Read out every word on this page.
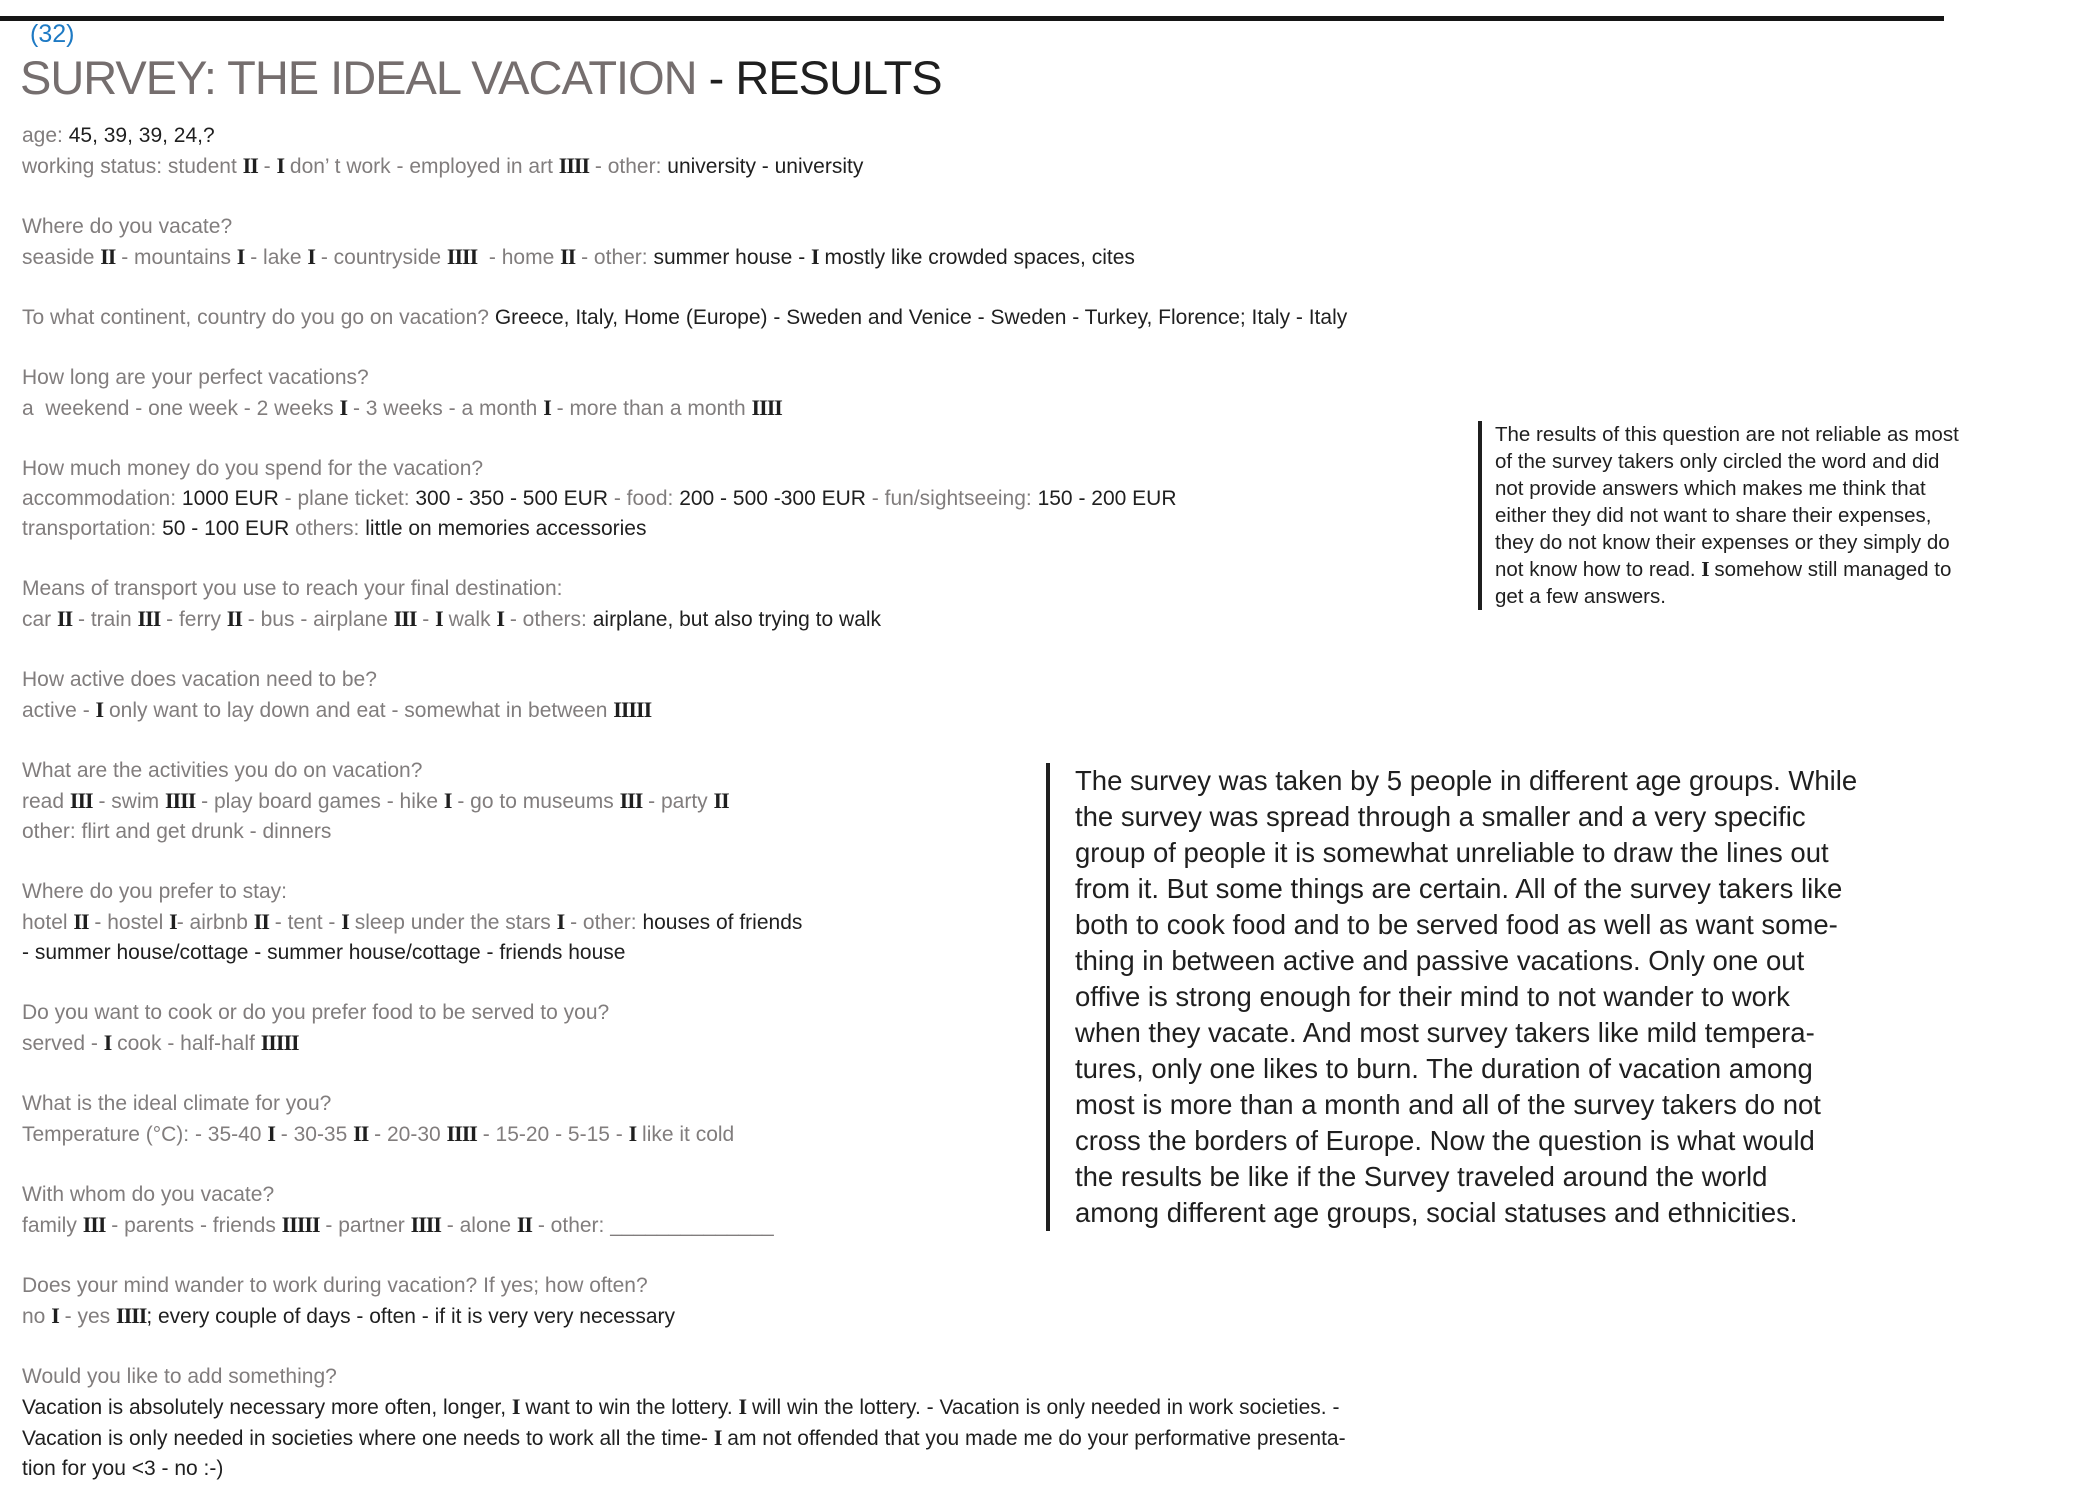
(32)
SURVEY: THE IDEAL VACATION - RESULTS
age: 45, 39, 39, 24,?
working status: student II - I don’ t work - employed in art IIII - other: university - university
Where do you vacate?
seaside II - mountains I - lake I - countryside IIII  - home II - other: summer house - I mostly like crowded spaces, cites
To what continent, country do you go on vacation? Greece, Italy, Home (Europe) - Sweden and Venice - Sweden - Turkey, Florence; Italy - Italy
How long are your perfect vacations?
a  weekend - one week - 2 weeks I - 3 weeks - a month I - more than a month IIII
How much money do you spend for the vacation?
accommodation: 1000 EUR - plane ticket: 300 - 350 - 500 EUR - food: 200 - 500 -300 EUR - fun/sightseeing: 150 - 200 EUR
transportation: 50 - 100 EUR others: little on memories accessories
Means of transport you use to reach your final destination:
car II - train III - ferry II - bus - airplane III - I walk I - others: airplane, but also trying to walk
How active does vacation need to be?
active - I only want to lay down and eat - somewhat in between IIIII
What are the activities you do on vacation?
read III - swim IIII - play board games - hike I - go to museums III - party II
other: flirt and get drunk - dinners
Where do you prefer to stay:
hotel II - hostel I- airbnb II - tent - I sleep under the stars I - other: houses of friends
- summer house/cottage - summer house/cottage - friends house
Do you want to cook or do you prefer food to be served to you?
served - I cook - half-half IIIII
What is the ideal climate for you?
Temperature (°C): - 35-40 I - 30-35 II - 20-30 IIII - 15-20 - 5-15 - I like it cold
With whom do you vacate?
family III - parents - friends IIIII - partner IIII - alone II - other: ______________
Does your mind wander to work during vacation? If yes; how often?
no I - yes IIII; every couple of days - often - if it is very very necessary
Would you like to add something?
Vacation is absolutely necessary more often, longer, I want to win the lottery. I will win the lottery. - Vacation is only needed in work societies. -
Vacation is only needed in societies where one needs to work all the time- I am not offended that you made me do your performative presenta-
tion for you <3 - no :-)
The results of this question are not reliable as most
of the survey takers only circled the word and did
not provide answers which makes me think that
either they did not want to share their expenses,
they do not know their expenses or they simply do
not know how to read. I somehow still managed to
get a few answers.
The survey was taken by 5 people in different age groups. While
the survey was spread through a smaller and a very specific
group of people it is somewhat unreliable to draw the lines out
from it. But some things are certain. All of the survey takers like
both to cook food and to be served food as well as want some-
thing in between active and passive vacations. Only one out
offive is strong enough for their mind to not wander to work
when they vacate. And most survey takers like mild tempera-
tures, only one likes to burn. The duration of vacation among
most is more than a month and all of the survey takers do not
cross the borders of Europe. Now the question is what would
the results be like if the Survey traveled around the world
among different age groups, social statuses and ethnicities.
